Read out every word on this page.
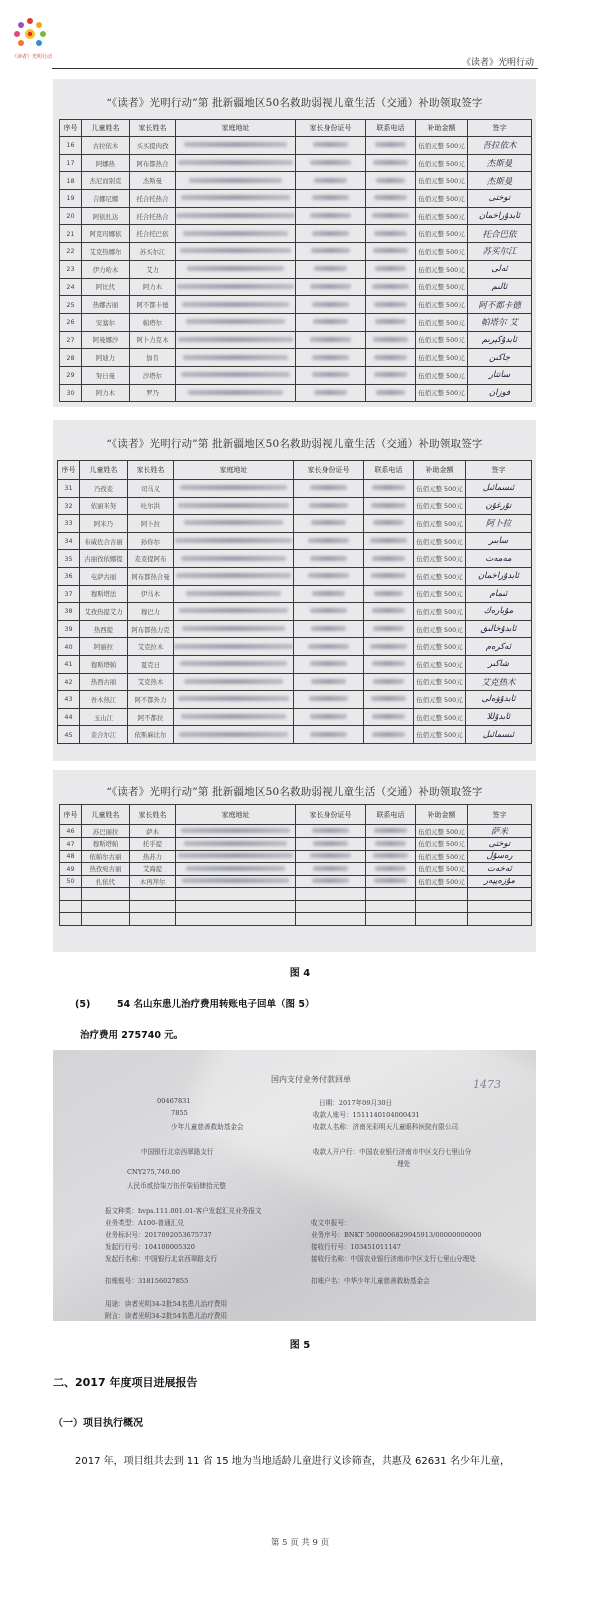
《读者》光明行动
《读者》光明行动
“《读者》光明行动”第 批新疆地区50名救助弱视儿童生活（交通）补助领取签字
序号	儿童姓名	家长姓名	家庭地址	家长身份证号	联系电话	补助金额	签字
16	古拉依木	买买提肉孜				伍佰元整 500元	吾拉依木
17	阿娜热	阿布都热合				伍佰元整 500元	杰斯曼
18	杰尼而别克	杰斯曼				伍佰元整 500元	杰斯曼
19	吉娜尼娜	托合托热合				伍佰元整 500元	توختى
20	阿依扎达	托合托热合				伍佰元整 500元	ئابدۇراخمان
21	阿克玛娜依	托合托巴依				伍佰元整 500元	托合巴依
22	艾克热娜尔	苏买尔江				伍佰元整 500元	苏买尔江
23	伊力哈木	艾力				伍佰元整 500元	ئەلى
24	阿比代	阿力木				伍佰元整 500元	ئالىم
25	热娜古丽	阿不都卡德				伍佰元整 500元	阿不都卡德
26	安塞尔	帕塔尔				伍佰元整 500元	帕塔尔 艾
27	阿曼娜沙	阿卜力克木				伍佰元整 500元	ئابدۇكېرىم
28	阿迪力	加肯				伍佰元整 500元	جاكىن
29	努日曼	沙塔尔				伍佰元整 500元	ساتتار
30	阿力木	罗乃				伍佰元整 500元	فوزان
“《读者》光明行动”第 批新疆地区50名救助弱视儿童生活（交通）补助领取签字
序号	儿童姓名	家长姓名	家庭地址	家长身份证号	联系电话	补助金额	签字
31	乃孜麦	司马义				伍佰元整 500元	ئىسمائىل
32	依丽米努	吐尔洪				伍佰元整 500元	تۇرغۇن
33	阿米乃	阿卜拉				伍佰元整 500元	阿卜拉
34	布威佐合古丽	孙你尔				伍佰元整 500元	سابىر
35	古丽孜依娜提	麦麦提阿布				伍佰元整 500元	مەمەت
36	屯萨古丽	阿布都热合曼				伍佰元整 500元	ئابدۇراخمان
37	穆斯塔法	伊马木				伍佰元整 500元	ئىمام
38	艾孜热提艾力	穆巴力				伍佰元整 500元	مۇبارەك
39	热西提	阿布都热力克				伍佰元整 500元	ئابدۇخالىق
40	阿丽拉	艾克拉木				伍佰元整 500元	ئەكرەم
41	穆斯塔帕	夏克日				伍佰元整 500元	شاكىر
42	热西古丽	艾克热木				伍佰元整 500元	艾克热木
43	吾木热江	阿不都外力				伍佰元整 500元	ئابدۇۋەلى
44	玉山江	阿不都拉				伍佰元整 500元	ئابدۇللا
45	麦合尔江	依斯麻比尔				伍佰元整 500元	ئىسمائىل
“《读者》光明行动”第 批新疆地区50名救助弱视儿童生活（交通）补助领取签字
序号	儿童姓名	家长姓名	家庭地址	家长身份证号	联系电话	补助金额	签字
46	苏巴丽拉	萨木				伍佰元整 500元	萨米
47	穆斯塔帕	托乎提				伍佰元整 500元	توختى
48	依帕尔古丽	热苏力				伍佰元整 500元	رەسۇل
49	热孜宛古丽	艾海提				伍佰元整 500元	ئەخەت
50	扎依代	木再拜尔				伍佰元整 500元	مۇزەپپەر

图 4
(5)	54 名山东患儿治疗费用转账电子回单（图 5）
治疗费用 275740 元。
国内支付业务付款回单	1473
00467831	日期：2017年09月30日
7855	收款人账号：1511140104000431
少年儿童慈善救助基金会	收款人名称：济南光彩明天儿童眼科医院有限公司
中国银行北京西翠路支行	收款人开户行：中国农业银行济南市中区支行七里山分
理处
CNY275,740.00
人民币贰拾柒万伍仟柒佰肆拾元整
报文种类：hvps.111.001.01-客户发起汇兑业务报文
业务类型：A100-普通汇兑	收文申报号：
业务标识号：2017092053675737	业务序号：BNKT 5000006829945913/00000000000
发起行行号：104100005320	接收行行号：103451011147
发起行名称：中国银行北京西翠路支行	接收行名称：中国农业银行济南市中区支行七里山分理处
扣账账号：318156027855	扣账户名：中华少年儿童慈善救助基金会
用途：读者光明34-2批54名患儿治疗费用
附言：读者光明34-2批54名患儿治疗费用
图 5
二、2017 年度项目进展报告
（一）项目执行概况
2017 年，项目组共去到 11 省 15 地为当地适龄儿童进行义诊筛查，共惠及 62631 名少年儿童，
第 5 页 共 9 页
